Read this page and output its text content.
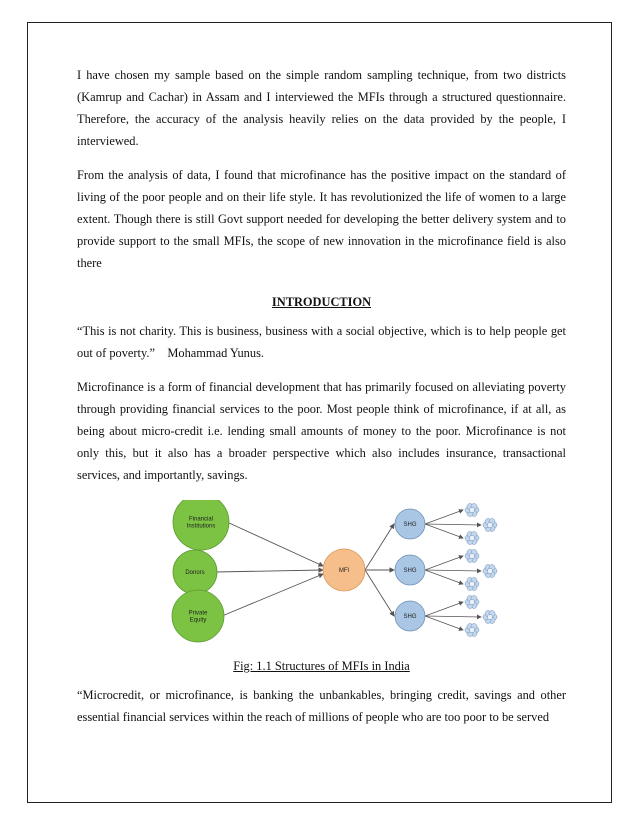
I have chosen my sample based on the simple random sampling technique, from two districts (Kamrup and Cachar) in Assam and I interviewed the MFIs through a structured questionnaire. Therefore, the accuracy of the analysis heavily relies on the data provided by the people, I interviewed.

From the analysis of data, I found that microfinance has the positive impact on the standard of living of the poor people and on their life style. It has revolutionized the life of women to a large extent. Though there is still Govt support needed for developing the better delivery system and to provide support to the small MFIs, the scope of new innovation in the microfinance field is also there

INTRODUCTION

“This is not charity. This is business, business with a social objective, which is to help people get out of poverty.” Mohammad Yunus.

Microfinance is a form of financial development that has primarily focused on alleviating poverty through providing financial services to the poor. Most people think of microfinance, if at all, as being about micro-credit i.e. lending small amounts of money to the poor. Microfinance is not only this, but it also has a broader perspective which also includes insurance, transactional services, and importantly, savings.

Financial Institutions
Donors
Private Equity
MFI
SHG
SHG
SHG
Fig: 1.1 Structures of MFIs in India

“Microcredit, or microfinance, is banking the unbankables, bringing credit, savings and other essential financial services within the reach of millions of people who are too poor to be served
